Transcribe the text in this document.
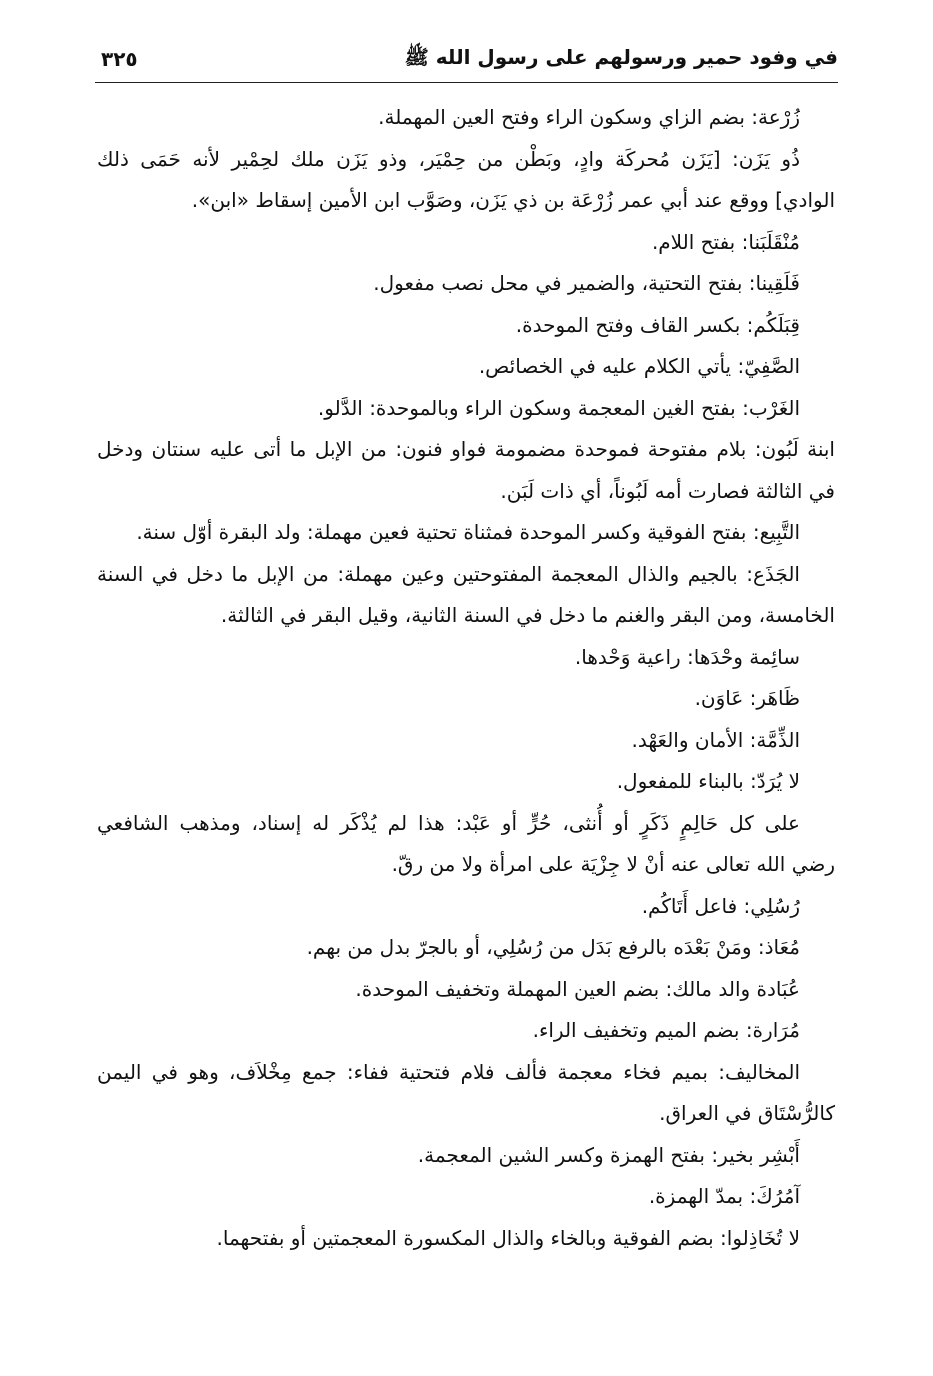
في وفود حمير ورسولهم على رسول الله ﷺ
٣٢٥
زُرْعة: بضم الزاي وسكون الراء وفتح العين المهملة.
ذُو يَزَن: [يَزَن مُحركَة وادٍ، وبَطْن من حِمْيَر، وذو يَزَن ملك لحِمْير لأنه حَمَى ذلك
الوادي] ووقع عند أبي عمر زُرْعَة بن ذي يَزَن، وصَوَّب ابن الأمين إسقاط «ابن».
مُنْقَلَبَنا: بفتح اللام.
فَلَقِينا: بفتح التحتية، والضمير في محل نصب مفعول.
قِبَلَكُم: بكسر القاف وفتح الموحدة.
الصَّفِيّ: يأتي الكلام عليه في الخصائص.
الغَرْب: بفتح الغين المعجمة وسكون الراء وبالموحدة: الدَّلو.
ابنة لَبُون: بلام مفتوحة فموحدة مضمومة فواو فنون: من الإبل ما أتى عليه سنتان ودخل
في الثالثة فصارت أمه لَبُوناً، أي ذات لَبَن.
التَّبِيع: بفتح الفوقية وكسر الموحدة فمثناة تحتية فعين مهملة: ولد البقرة أوّل سنة.
الجَذَع: بالجيم والذال المعجمة المفتوحتين وعين مهملة: من الإبل ما دخل في السنة
الخامسة، ومن البقر والغنم ما دخل في السنة الثانية، وقيل البقر في الثالثة.
سائِمة وحْدَها: راعية وَحْدها.
ظَاهَر: عَاوَن.
الذِّمَّة: الأمان والعَهْد.
لا يُرَدّ: بالبناء للمفعول.
على كل حَالِمٍ ذَكَرٍ أو أُنثى، حُرٍّ أو عَبْد: هذا لم يُذْكَر له إسناد، ومذهب الشافعي
رضي الله تعالى عنه أنْ لا جِزْيَة على امرأة ولا من رقّ.
رُسُلِي: فاعل أَتَاكُم.
مُعَاذ: ومَنْ بَعْدَه بالرفع بَدَل من رُسُلِي، أو بالجرّ بدل من بهم.
عُبَادة والد مالك: بضم العين المهملة وتخفيف الموحدة.
مُرَارة: بضم الميم وتخفيف الراء.
المخاليف: بميم فخاء معجمة فألف فلام فتحتية ففاء: جمع مِخْلاَف، وهو في اليمن
كالرُّسْتَاق في العراق.
أَبْشِر بخير: بفتح الهمزة وكسر الشين المعجمة.
آمُرُكَ: بمدّ الهمزة.
لا تُخَاذِلوا: بضم الفوقية وبالخاء والذال المكسورة المعجمتين أو بفتحهما.
